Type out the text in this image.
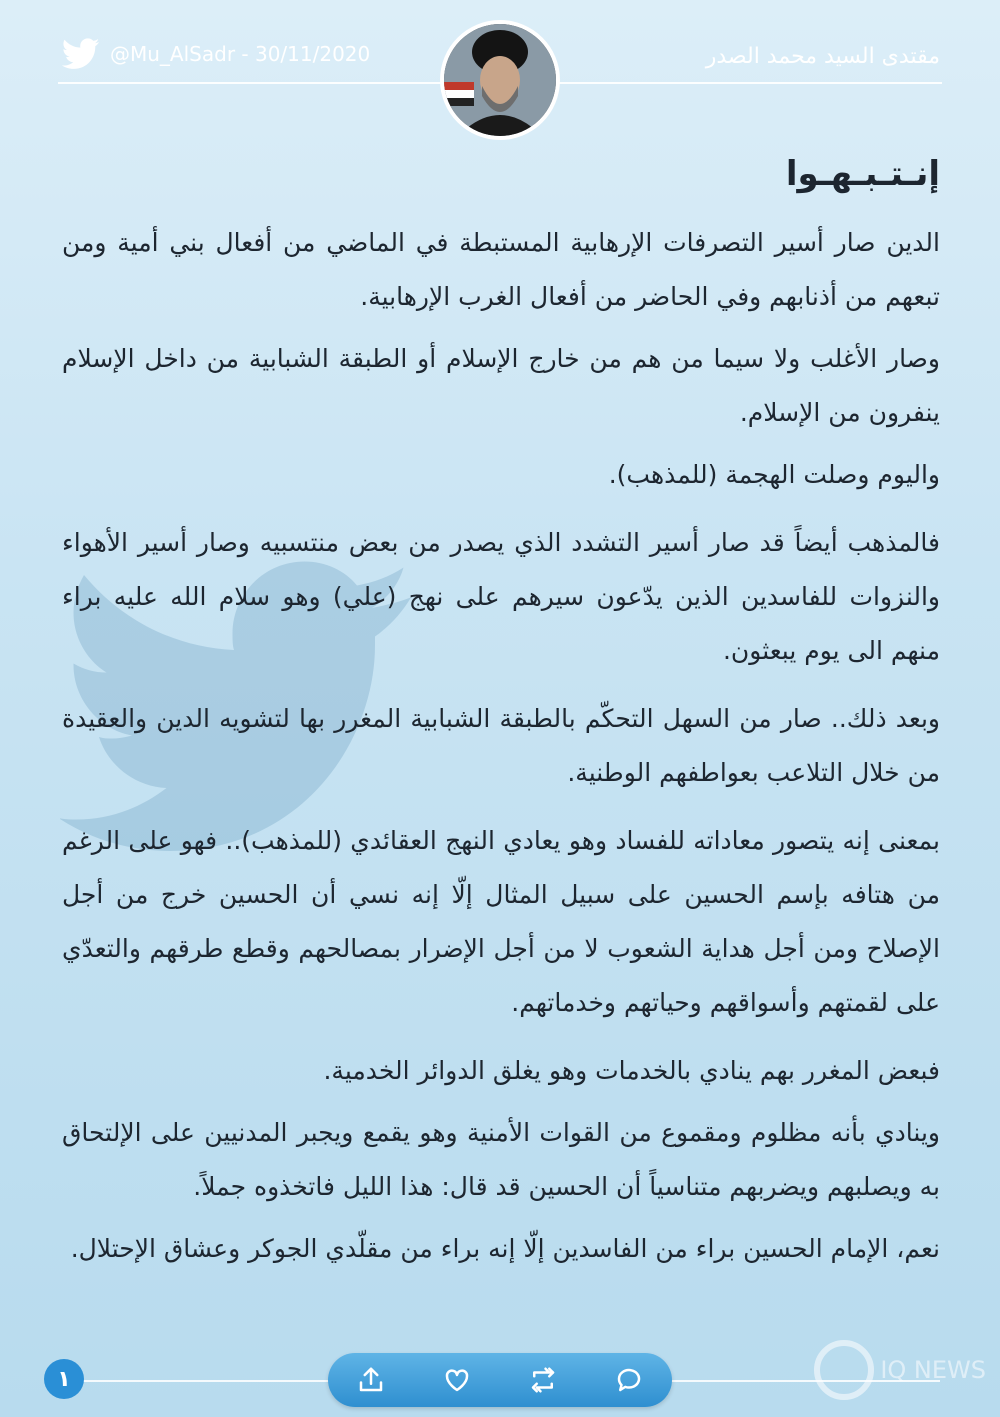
@Mu_AlSadr - 30/11/2020	مقتدى السيد محمد الصدر
إنـتـبـهـوا

الدين صار أسير التصرفات الإرهابية المستبطة في الماضي من أفعال بني أمية ومن تبعهم من أذنابهم وفي الحاضر من أفعال الغرب الإرهابية.

وصار الأغلب ولا سيما من هم من خارج الإسلام أو الطبقة الشبابية من داخل الإسلام ينفرون من الإسلام.

واليوم وصلت الهجمة (للمذهب).

فالمذهب أيضاً قد صار أسير التشدد الذي يصدر من بعض منتسبيه وصار أسير الأهواء والنزوات للفاسدين الذين يدّعون سيرهم على نهج (علي) وهو سلام الله عليه براء منهم الى يوم يبعثون.

وبعد ذلك.. صار من السهل التحكّم بالطبقة الشبابية المغرر بها لتشويه الدين والعقيدة من خلال التلاعب بعواطفهم الوطنية.

بمعنى إنه يتصور معاداته للفساد وهو يعادي النهج العقائدي (للمذهب).. فهو على الرغم من هتافه بإسم الحسين على سبيل المثال إلّا إنه نسي أن الحسين خرج من أجل الإصلاح ومن أجل هداية الشعوب لا من أجل الإضرار بمصالحهم وقطع طرقهم والتعدّي على لقمتهم وأسواقهم وحياتهم وخدماتهم.

فبعض المغرر بهم ينادي بالخدمات وهو يغلق الدوائر الخدمية.

وينادي بأنه مظلوم ومقموع من القوات الأمنية وهو يقمع ويجبر المدنيين على الإلتحاق به ويصلبهم ويضربهم متناسياً أن الحسين قد قال: هذا الليل فاتخذوه جملاً.

نعم، الإمام الحسين براء من الفاسدين إلّا إنه براء من مقلّدي الجوكر وعشاق الإحتلال.

١	IQ NEWS
